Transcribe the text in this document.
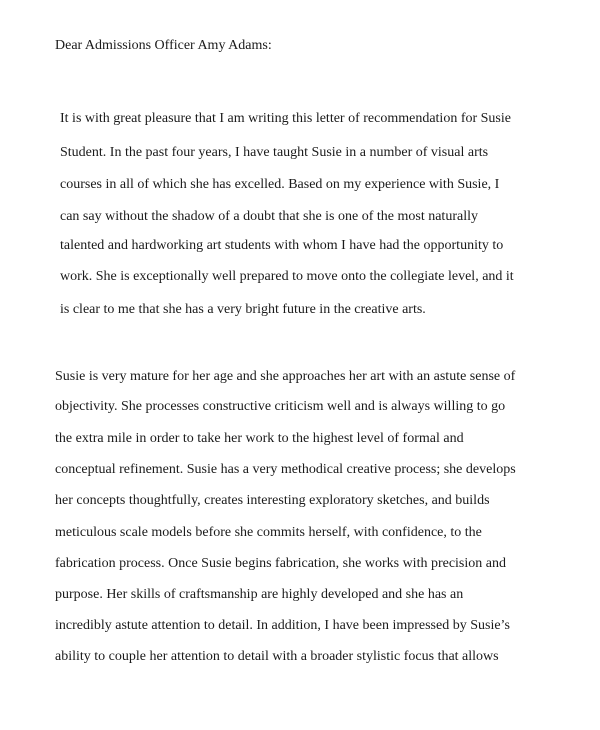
Dear Admissions Officer Amy Adams:
It is with great pleasure that I am writing this letter of recommendation for Susie
Student. In the past four years, I have taught Susie in a number of visual arts
courses in all of which she has excelled. Based on my experience with Susie, I
can say without the shadow of a doubt that she is one of the most naturally
talented and hardworking art students with whom I have had the opportunity to
work. She is exceptionally well prepared to move onto the collegiate level, and it
is clear to me that she has a very bright future in the creative arts.
Susie is very mature for her age and she approaches her art with an astute sense of
objectivity. She processes constructive criticism well and is always willing to go
the extra mile in order to take her work to the highest level of formal and
conceptual refinement. Susie has a very methodical creative process; she develops
her concepts thoughtfully, creates interesting exploratory sketches, and builds
meticulous scale models before she commits herself, with confidence, to the
fabrication process. Once Susie begins fabrication, she works with precision and
purpose. Her skills of craftsmanship are highly developed and she has an
incredibly astute attention to detail. In addition, I have been impressed by Susie’s
ability to couple her attention to detail with a broader stylistic focus that allows
